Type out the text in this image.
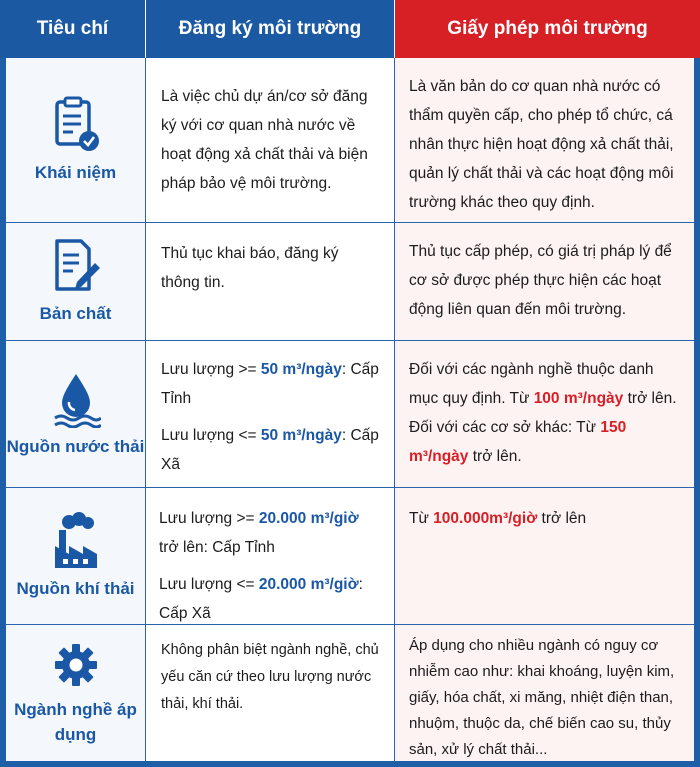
Tiêu chí	Đăng ký môi trường	Giấy phép môi trường
Khái niệm
Là việc chủ dự án/cơ sở đăng ký với cơ quan nhà nước về hoạt động xả chất thải và biện pháp bảo vệ môi trường.
Là văn bản do cơ quan nhà nước có thẩm quyền cấp, cho phép tổ chức, cá nhân thực hiện hoạt động xả chất thải, quản lý chất thải và các hoạt động môi trường khác theo quy định.
Bản chất
Thủ tục khai báo, đăng ký thông tin.
Thủ tục cấp phép, có giá trị pháp lý để cơ sở được phép thực hiện các hoạt động liên quan đến môi trường.
Nguồn nước thải
Lưu lượng >= 50 m³/ngày: Cấp Tỉnh
Lưu lượng <= 50 m³/ngày: Cấp Xã
Đối với các ngành nghề thuộc danh mục quy định. Từ 100 m³/ngày trở lên.
Đối với các cơ sở khác: Từ 150 m³/ngày trở lên.
Nguồn khí thải
Lưu lượng >= 20.000 m³/giờ trở lên: Cấp Tỉnh
Lưu lượng <= 20.000 m³/giờ: Cấp Xã
Từ 100.000m³/giờ trở lên
Ngành nghề áp dụng
Không phân biệt ngành nghề, chủ yếu căn cứ theo lưu lượng nước thải, khí thải.
Áp dụng cho nhiều ngành có nguy cơ nhiễm cao như: khai khoáng, luyện kim, giấy, hóa chất, xi măng, nhiệt điện than, nhuộm, thuộc da, chế biến cao su, thủy sản, xử lý chất thải...
